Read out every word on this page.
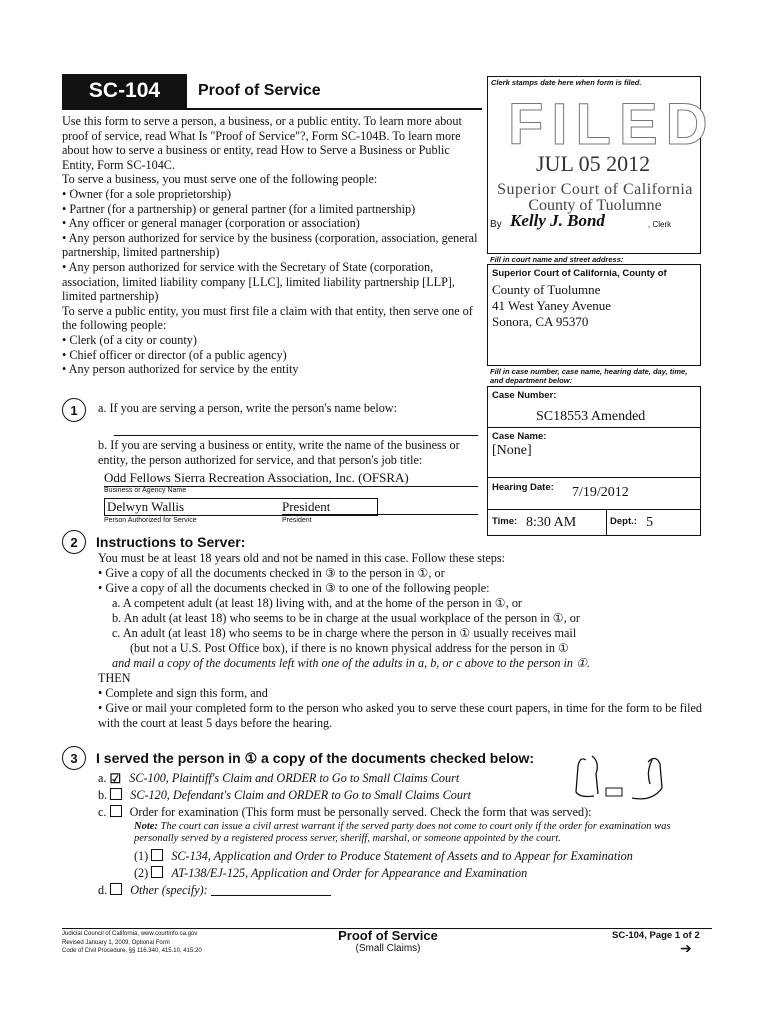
SC-104	Proof of Service
Use this form to serve a person, a business, or a public entity. To learn more about proof of service, read What Is "Proof of Service"?, Form SC-104B. To learn more about how to serve a business or entity, read How to Serve a Business or Public Entity, Form SC-104C.
To serve a business, you must serve one of the following people:
• Owner (for a sole proprietorship)
• Partner (for a partnership) or general partner (for a limited partnership)
• Any officer or general manager (corporation or association)
• Any person authorized for service by the business (corporation, association, general partnership, limited partnership)
• Any person authorized for service with the Secretary of State (corporation, association, limited liability company [LLC], limited liability partnership [LLP], limited partnership)
To serve a public entity, you must first file a claim with that entity, then serve one of the following people:
• Clerk (of a city or county)
• Chief officer or director (of a public agency)
• Any person authorized for service by the entity
1	a. If you are serving a person, write the person's name below:
b. If you are serving a business or entity, write the name of the business or entity, the person authorized for service, and that person's job title:
Odd Fellows Sierra Recreation Association, Inc. (OFSRA)
Business or Agency Name
Delwyn Wallis	President
Person Authorized for Service	President
Clerk stamps date here when form is filed.
FILED
JUL 05 2012
Superior Court of California
County of Tuolumne
By Kelly J. Bond	, Clerk
Fill in court name and street address:
Superior Court of California, County of
County of Tuolumne
41 West Yaney Avenue
Sonora, CA 95370
Fill in case number, case name, hearing date, day, time, and department below:
Case Number:
SC18553 Amended
Case Name:
[None]
Hearing Date: 7/19/2012
Time: 8:30 AM	Dept.: 5
2	Instructions to Server:
You must be at least 18 years old and not be named in this case. Follow these steps:
• Give a copy of all the documents checked in ③ to the person in ①, or
• Give a copy of all the documents checked in ③ to one of the following people:
a. A competent adult (at least 18) living with, and at the home of the person in ①, or
b. An adult (at least 18) who seems to be in charge at the usual workplace of the person in ①, or
c. An adult (at least 18) who seems to be in charge where the person in ① usually receives mail
(but not a U.S. Post Office box), if there is no known physical address for the person in ①
and mail a copy of the documents left with one of the adults in a, b, or c above to the person in ①.
THEN
• Complete and sign this form, and
• Give or mail your completed form to the person who asked you to serve these court papers, in time for the form to be filed with the court at least 5 days before the hearing.
3	I served the person in ① a copy of the documents checked below:
a. ☑ SC-100, Plaintiff's Claim and ORDER to Go to Small Claims Court
b. SC-120, Defendant's Claim and ORDER to Go to Small Claims Court
c. Order for examination (This form must be personally served. Check the form that was served):
Note: The court can issue a civil arrest warrant if the served party does not come to court only if the order for examination was personally served by a registered process server, sheriff, marshal, or someone appointed by the court.
(1) SC-134, Application and Order to Produce Statement of Assets and to Appear for Examination
(2) AT-138/EJ-125, Application and Order for Appearance and Examination
d. Other (specify):
Judicial Council of California, www.courtinfo.ca.gov
Revised January 1, 2009, Optional Form
Code of Civil Procedure, §§ 116.340, 415.10, 415.20
Proof of Service
(Small Claims)
SC-104, Page 1 of 2
➔
